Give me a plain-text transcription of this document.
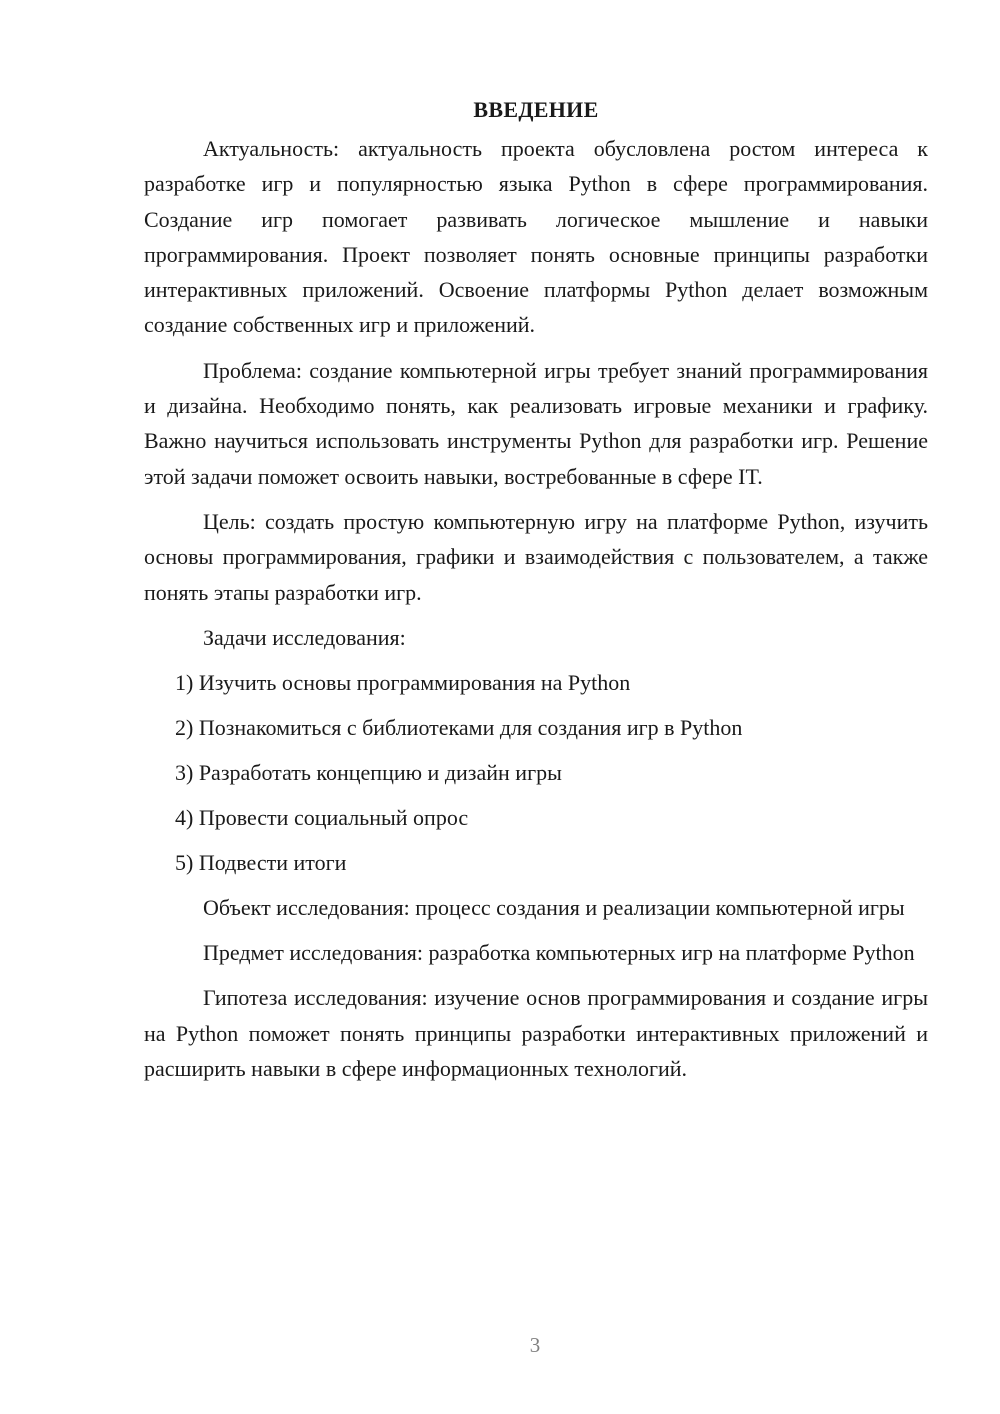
ВВЕДЕНИЕ

Актуальность: актуальность проекта обусловлена ростом интереса к разработке игр и популярностью языка Python в сфере программирования. Создание игр помогает развивать логическое мышление и навыки программирования. Проект позволяет понять основные принципы разработки интерактивных приложений. Освоение платформы Python делает возможным создание собственных игр и приложений.

Проблема: создание компьютерной игры требует знаний программирования и дизайна. Необходимо понять, как реализовать игровые механики и графику. Важно научиться использовать инструменты Python для разработки игр. Решение этой задачи поможет освоить навыки, востребованные в сфере IT.

Цель: создать простую компьютерную игру на платформе Python, изучить основы программирования, графики и взаимодействия с пользователем, а также понять этапы разработки игр.

Задачи исследования:

1) Изучить основы программирования на Python
2) Познакомиться с библиотеками для создания игр в Python
3) Разработать концепцию и дизайн игры
4) Провести социальный опрос
5) Подвести итоги

Объект исследования: процесс создания и реализации компьютерной игры

Предмет исследования: разработка компьютерных игр на платформе Python

Гипотеза исследования: изучение основ программирования и создание игры на Python поможет понять принципы разработки интерактивных приложений и расширить навыки в сфере информационных технологий.

3
